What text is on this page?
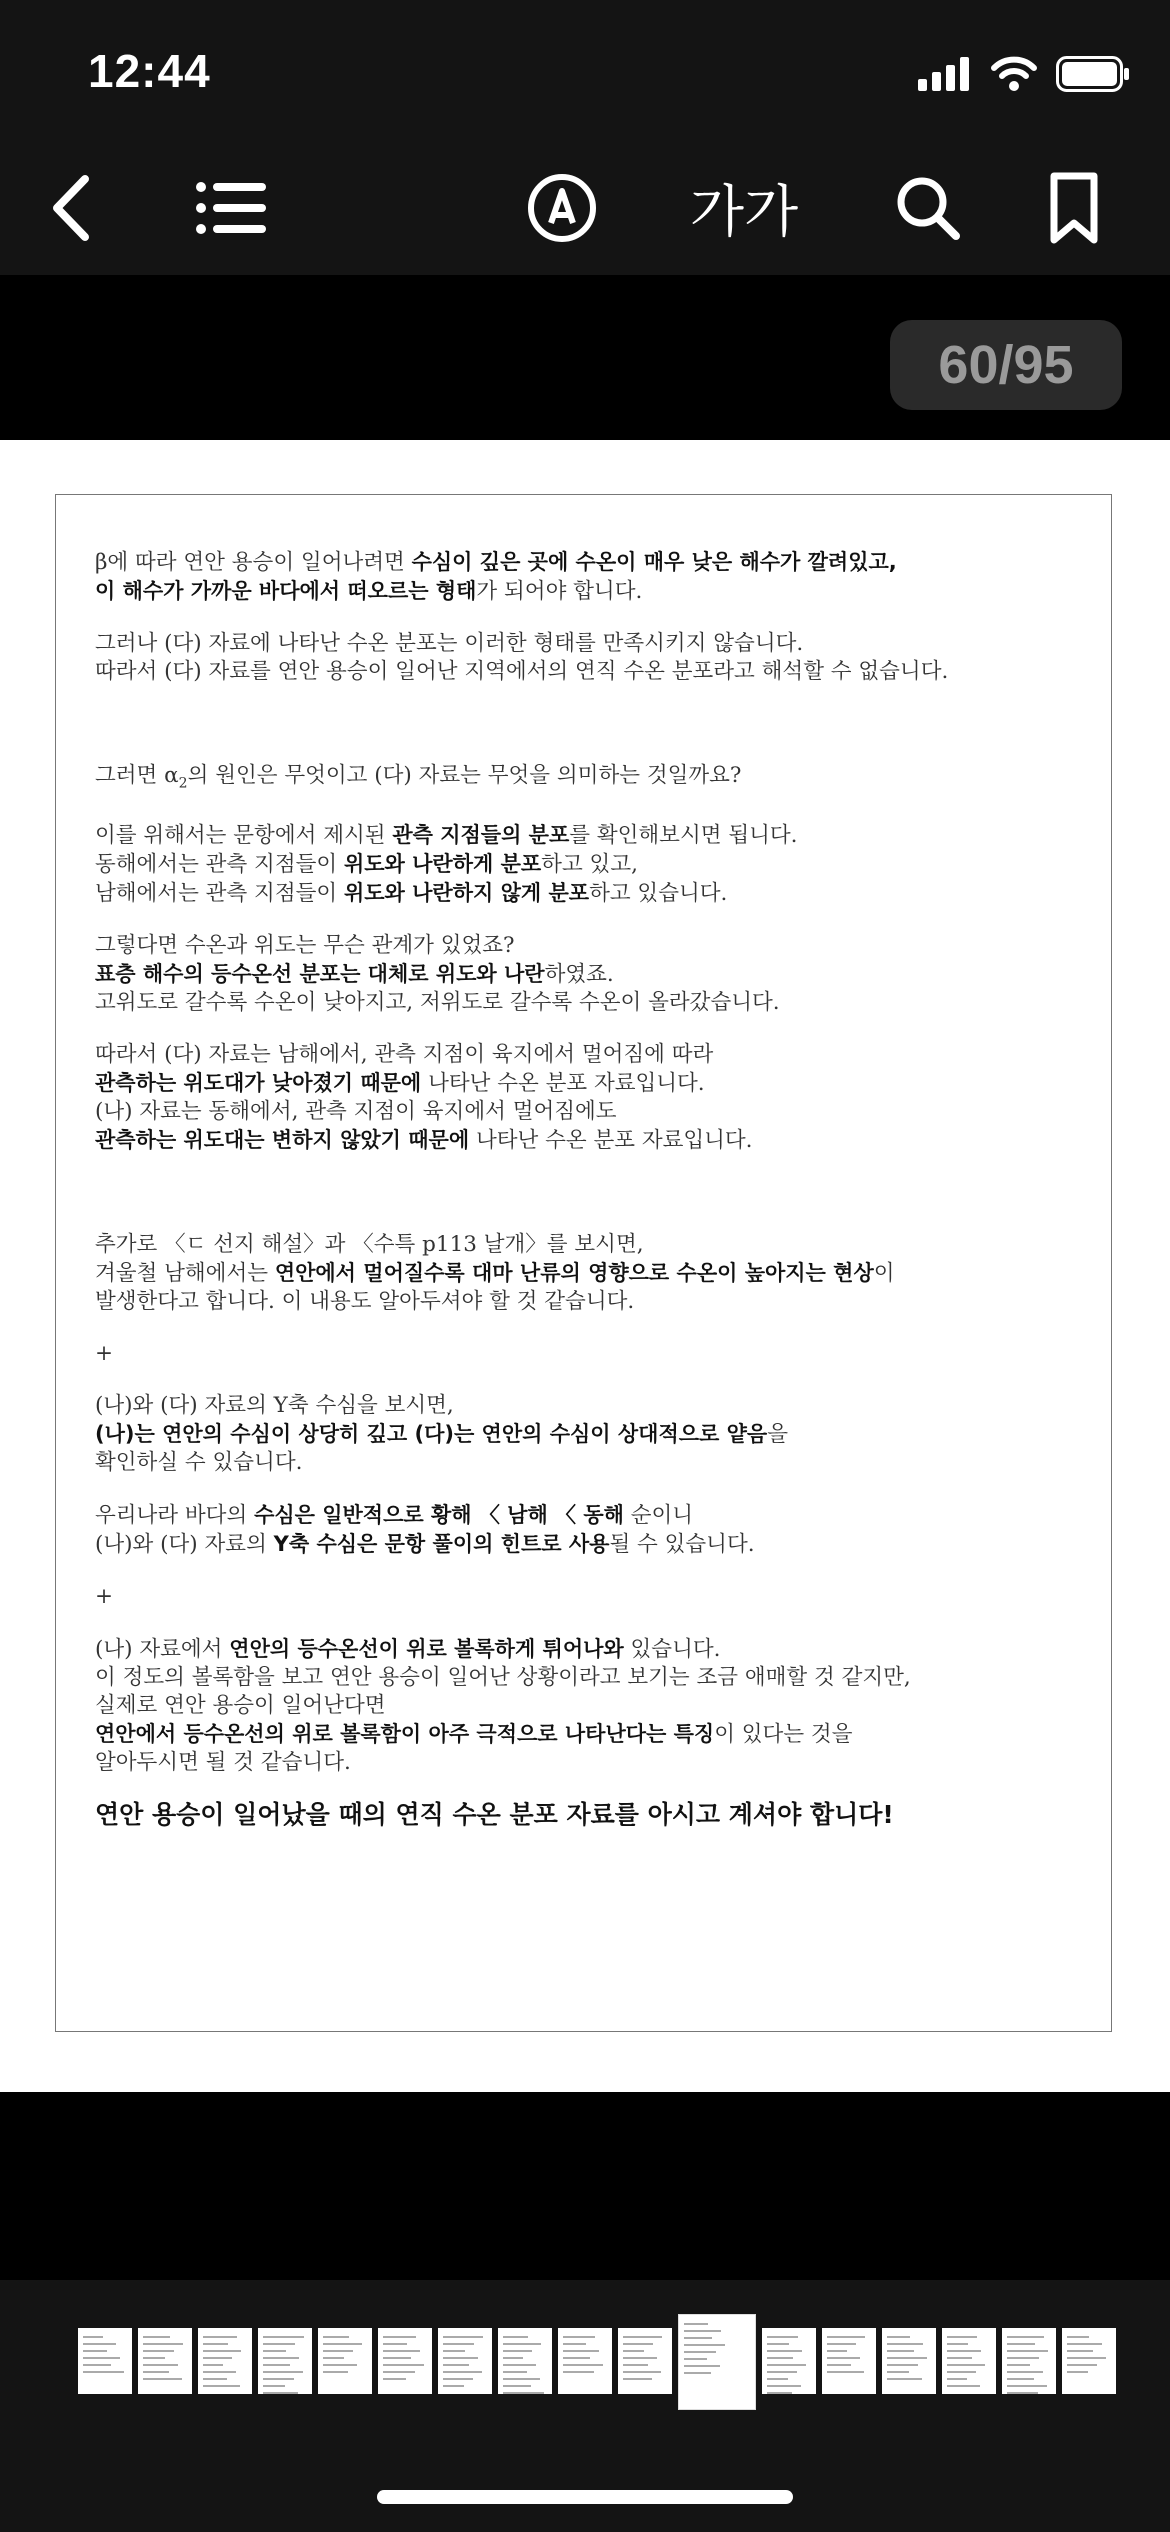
12:44
가가
60/95
β에 따라 연안 용승이 일어나려면 수심이 깊은 곳에 수온이 매우 낮은 해수가 깔려있고,
이 해수가 가까운 바다에서 떠오르는 형태가 되어야 합니다.
그러나 (다) 자료에 나타난 수온 분포는 이러한 형태를 만족시키지 않습니다.
따라서 (다) 자료를 연안 용승이 일어난 지역에서의 연직 수온 분포라고 해석할 수 없습니다.
그러면 $\alpha_2$의 원인은 무엇이고 (다) 자료는 무엇을 의미하는 것일까요?
이를 위해서는 문항에서 제시된 관측 지점들의 분포를 확인해보시면 됩니다.
동해에서는 관측 지점들이 위도와 나란하게 분포하고 있고,
남해에서는 관측 지점들이 위도와 나란하지 않게 분포하고 있습니다.
그렇다면 수온과 위도는 무슨 관계가 있었죠?
표층 해수의 등수온선 분포는 대체로 위도와 나란하였죠.
고위도로 갈수록 수온이 낮아지고, 저위도로 갈수록 수온이 올라갔습니다.
따라서 (다) 자료는 남해에서, 관측 지점이 육지에서 멀어짐에 따라
관측하는 위도대가 낮아졌기 때문에 나타난 수온 분포 자료입니다.
(나) 자료는 동해에서, 관측 지점이 육지에서 멀어짐에도
관측하는 위도대는 변하지 않았기 때문에 나타난 수온 분포 자료입니다.
추가로 〈ㄷ 선지 해설〉과 〈수특 p113 날개〉를 보시면,
겨울철 남해에서는 연안에서 멀어질수록 대마 난류의 영향으로 수온이 높아지는 현상이
발생한다고 합니다. 이 내용도 알아두셔야 할 것 같습니다.
+
(나)와 (다) 자료의 Y축 수심을 보시면,
(나)는 연안의 수심이 상당히 깊고 (다)는 연안의 수심이 상대적으로 얕음을
확인하실 수 있습니다.
우리나라 바다의 수심은 일반적으로 황해 〈 남해 〈 동해 순이니
(나)와 (다) 자료의 Y축 수심은 문항 풀이의 힌트로 사용될 수 있습니다.
+
(나) 자료에서 연안의 등수온선이 위로 볼록하게 튀어나와 있습니다.
이 정도의 볼록함을 보고 연안 용승이 일어난 상황이라고 보기는 조금 애매할 것 같지만,
실제로 연안 용승이 일어난다면
연안에서 등수온선의 위로 볼록함이 아주 극적으로 나타난다는 특징이 있다는 것을
알아두시면 될 것 같습니다.
연안 용승이 일어났을 때의 연직 수온 분포 자료를 아시고 계셔야 합니다!
